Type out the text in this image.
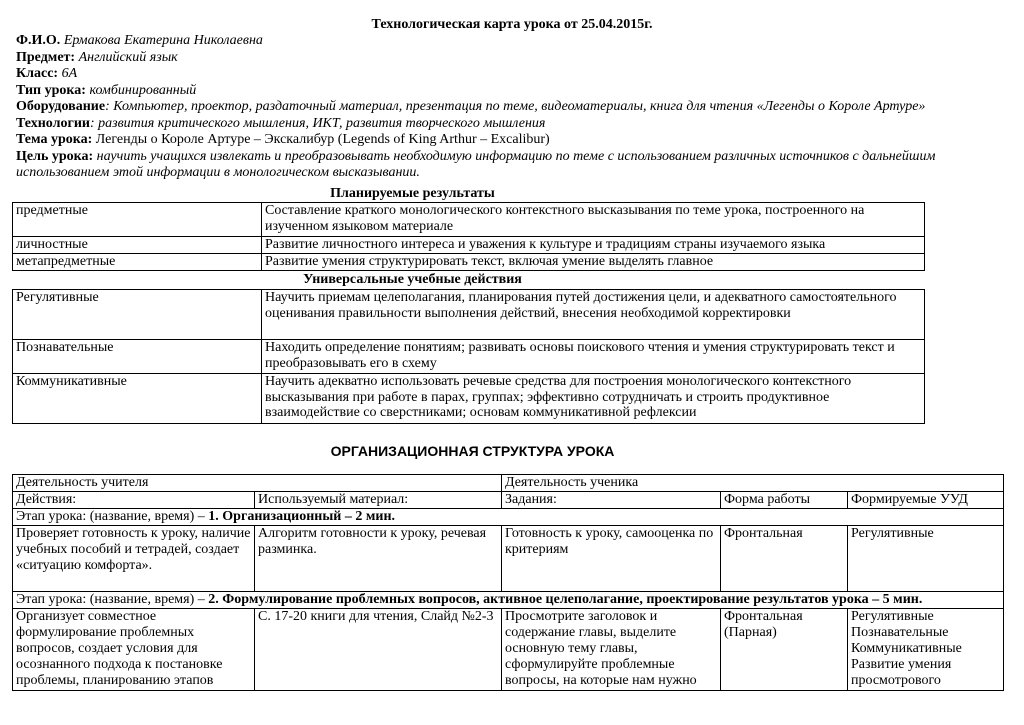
Технологическая карта урока от 25.04.2015г.
Ф.И.О. Ермакова Екатерина Николаевна
Предмет: Английский язык
Класс: 6А
Тип урока: комбинированный
Оборудование: Компьютер, проектор, раздаточный материал, презентация по теме, видеоматериалы, книга для чтения «Легенды о Короле Артуре»
Технологии: развития критического мышления, ИКТ, развития творческого мышления
Тема урока: Легенды о Короле Артуре – Экскалибур (Legends of King Arthur – Excalibur)
Цель урока: научить учащихся извлекать и преобразовывать необходимую информацию по теме с использованием различных источников с дальнейшим использованием этой информации в монологическом высказывании.
Планируемые результаты
предметные	Составление краткого монологического контекстного высказывания по теме урока, построенного на изученном языковом материале
личностные	Развитие личностного интереса и уважения к культуре и традициям страны изучаемого языка
метапредметные	Развитие умения структурировать текст, включая умение выделять главное
Универсальные учебные действия
Регулятивные	Научить приемам целеполагания, планирования путей достижения цели, и адекватного самостоятельного оценивания правильности выполнения действий, внесения необходимой корректировки
Познавательные	Находить определение понятиям; развивать основы поискового чтения и умения структурировать текст и преобразовывать его в схему
Коммуникативные	Научить адекватно использовать речевые средства для построения монологического контекстного высказывания при работе в парах, группах; эффективно сотрудничать и строить продуктивное взаимодействие со сверстниками; основам коммуникативной рефлексии
ОРГАНИЗАЦИОННАЯ СТРУКТУРА УРОКА
Деятельность учителя		Деятельность ученика		
Действия:	Используемый материал:	Задания:	Форма работы	Формируемые УУД
Этап урока: (название, время) – 1. Организационный – 2 мин.				
Проверяет готовность к уроку, наличие учебных пособий и тетрадей, создает «ситуацию комфорта».	Алгоритм готовности к уроку, речевая разминка.	Готовность к уроку, самооценка по критериям	Фронтальная	Регулятивные
Этап урока: (название, время) – 2. Формулирование проблемных вопросов, активное целеполагание, проектирование результатов урока – 5 мин.				
Организует совместное формулирование проблемных вопросов, создает условия для осознанного подхода к постановке проблемы, планированию этапов	С. 17-20 книги для чтения, Слайд №2-3	Просмотрите заголовок и содержание главы, выделите основную тему главы, сформулируйте проблемные вопросы, на которые нам нужно	Фронтальная (Парная)	Регулятивные Познавательные Коммуникативные Развитие умения просмотрового
